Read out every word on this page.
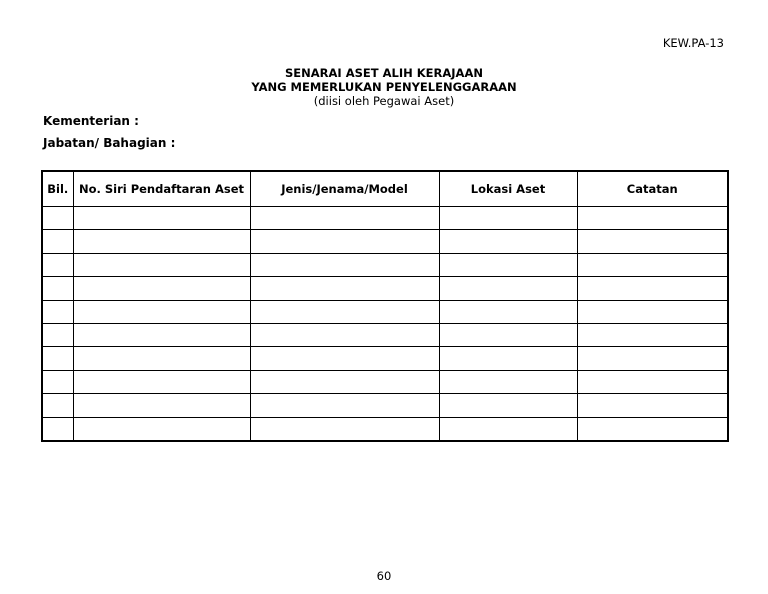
KEW.PA-13
SENARAI ASET ALIH KERAJAAN
YANG MEMERLUKAN PENYELENGGARAAN
(diisi oleh Pegawai Aset)
Kementerian :
Jabatan/ Bahagian :
Bil.	No. Siri Pendaftaran Aset	Jenis/Jenama/Model	Lokasi Aset	Catatan

60
